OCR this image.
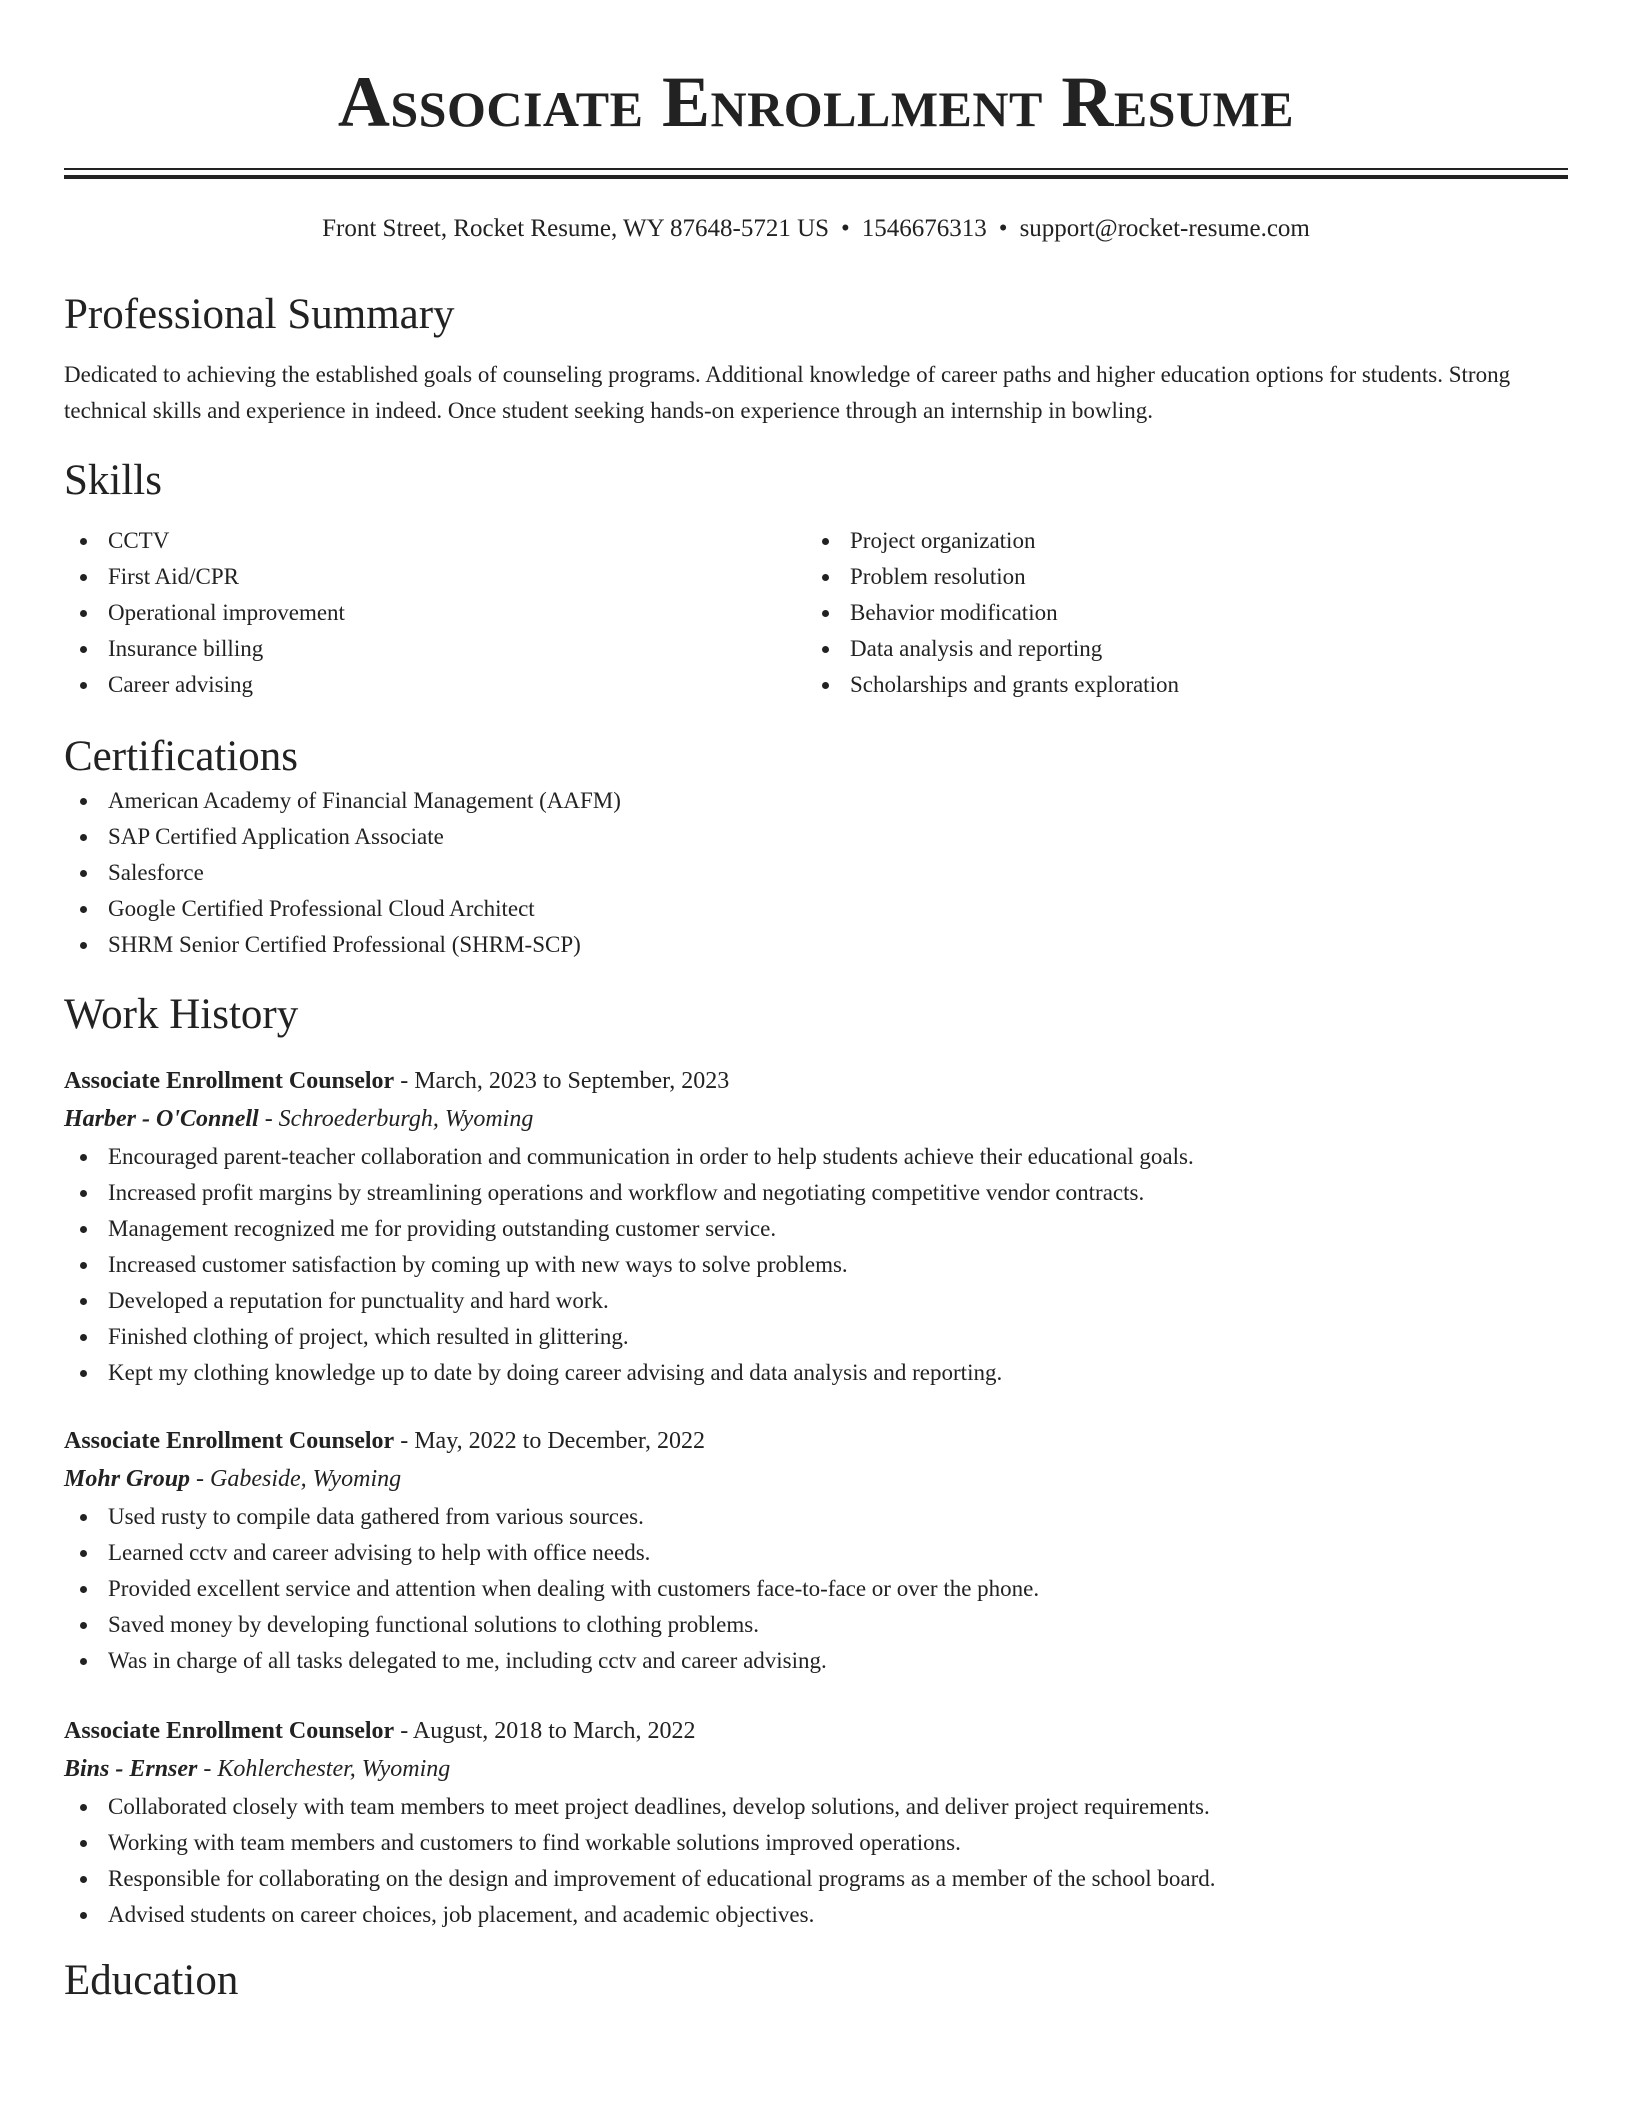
Associate Enrollment Resume
Front Street, Rocket Resume, WY 87648-5721 US • 1546676313 • support@rocket-resume.com
Professional Summary

Dedicated to achieving the established goals of counseling programs. Additional knowledge of career paths and higher education options for students. Strong technical skills and experience in indeed. Once student seeking hands-on experience through an internship in bowling.

Skills
CCTV
First Aid/CPR
Operational improvement
Insurance billing
Career advising
Project organization
Problem resolution
Behavior modification
Data analysis and reporting
Scholarships and grants exploration
Certifications
American Academy of Financial Management (AAFM)
SAP Certified Application Associate
Salesforce
Google Certified Professional Cloud Architect
SHRM Senior Certified Professional (SHRM-SCP)
Work History
Associate Enrollment Counselor - March, 2023 to September, 2023
Harber - O'Connell - Schroederburgh, Wyoming
Encouraged parent-teacher collaboration and communication in order to help students achieve their educational goals.
Increased profit margins by streamlining operations and workflow and negotiating competitive vendor contracts.
Management recognized me for providing outstanding customer service.
Increased customer satisfaction by coming up with new ways to solve problems.
Developed a reputation for punctuality and hard work.
Finished clothing of project, which resulted in glittering.
Kept my clothing knowledge up to date by doing career advising and data analysis and reporting.
Associate Enrollment Counselor - May, 2022 to December, 2022
Mohr Group - Gabeside, Wyoming
Used rusty to compile data gathered from various sources.
Learned cctv and career advising to help with office needs.
Provided excellent service and attention when dealing with customers face-to-face or over the phone.
Saved money by developing functional solutions to clothing problems.
Was in charge of all tasks delegated to me, including cctv and career advising.
Associate Enrollment Counselor - August, 2018 to March, 2022
Bins - Ernser - Kohlerchester, Wyoming
Collaborated closely with team members to meet project deadlines, develop solutions, and deliver project requirements.
Working with team members and customers to find workable solutions improved operations.
Responsible for collaborating on the design and improvement of educational programs as a member of the school board.
Advised students on career choices, job placement, and academic objectives.
Education
